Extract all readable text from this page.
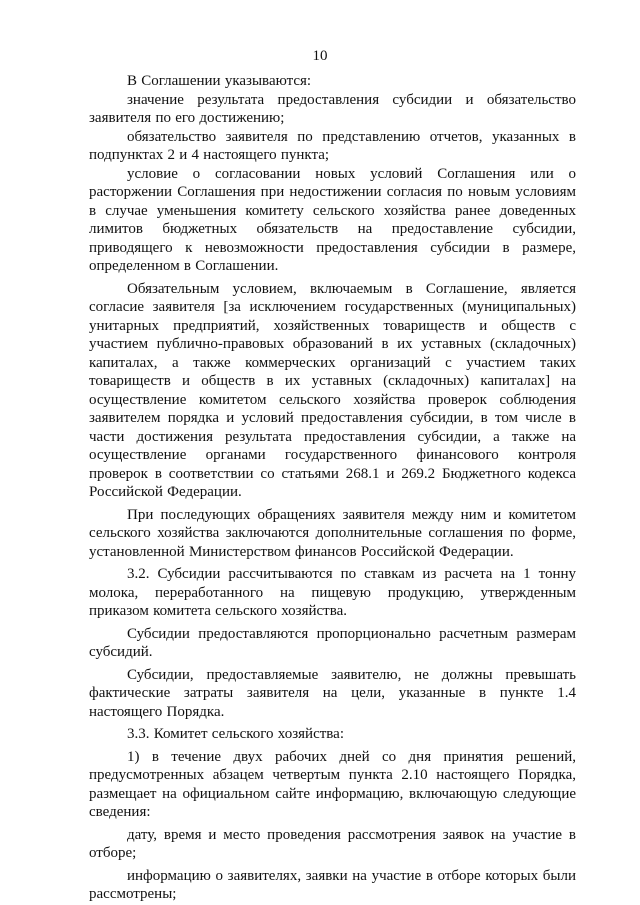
10

В Соглашении указываются:

значение результата предоставления субсидии и обязательство заявителя по его достижению;

обязательство заявителя по представлению отчетов, указанных в подпунктах 2 и 4 настоящего пункта;

условие о согласовании новых условий Соглашения или о расторжении Соглашения при недостижении согласия по новым условиям в случае уменьшения комитету сельского хозяйства ранее доведенных лимитов бюджетных обязательств на предоставление субсидии, приводящего к невозможности предоставления субсидии в размере, определенном в Соглашении.

Обязательным условием, включаемым в Соглашение, является согласие заявителя [за исключением государственных (муниципальных) унитарных предприятий, хозяйственных товариществ и обществ с участием публично-правовых образований в их уставных (складочных) капиталах, а также коммерческих организаций с участием таких товариществ и обществ в их уставных (складочных) капиталах] на осуществление комитетом сельского хозяйства проверок соблюдения заявителем порядка и условий предоставления субсидии, в том числе в части достижения результата предоставления субсидии, а также на осуществление органами государственного финансового контроля проверок в соответствии со статьями 268.1 и 269.2 Бюджетного кодекса Российской Федерации.

При последующих обращениях заявителя между ним и комитетом сельского хозяйства заключаются дополнительные соглашения по форме, установленной Министерством финансов Российской Федерации.

3.2. Субсидии рассчитываются по ставкам из расчета на 1 тонну молока, переработанного на пищевую продукцию, утвержденным приказом комитета сельского хозяйства.

Субсидии предоставляются пропорционально расчетным размерам субсидий.

Субсидии, предоставляемые заявителю, не должны превышать фактические затраты заявителя на цели, указанные в пункте 1.4 настоящего Порядка.

3.3. Комитет сельского хозяйства:

1) в течение двух рабочих дней со дня принятия решений, предусмотренных абзацем четвертым пункта 2.10 настоящего Порядка, размещает на официальном сайте информацию, включающую следующие сведения:

дату, время и место проведения рассмотрения заявок на участие в отборе;

информацию о заявителях, заявки на участие в отборе которых были рассмотрены;
